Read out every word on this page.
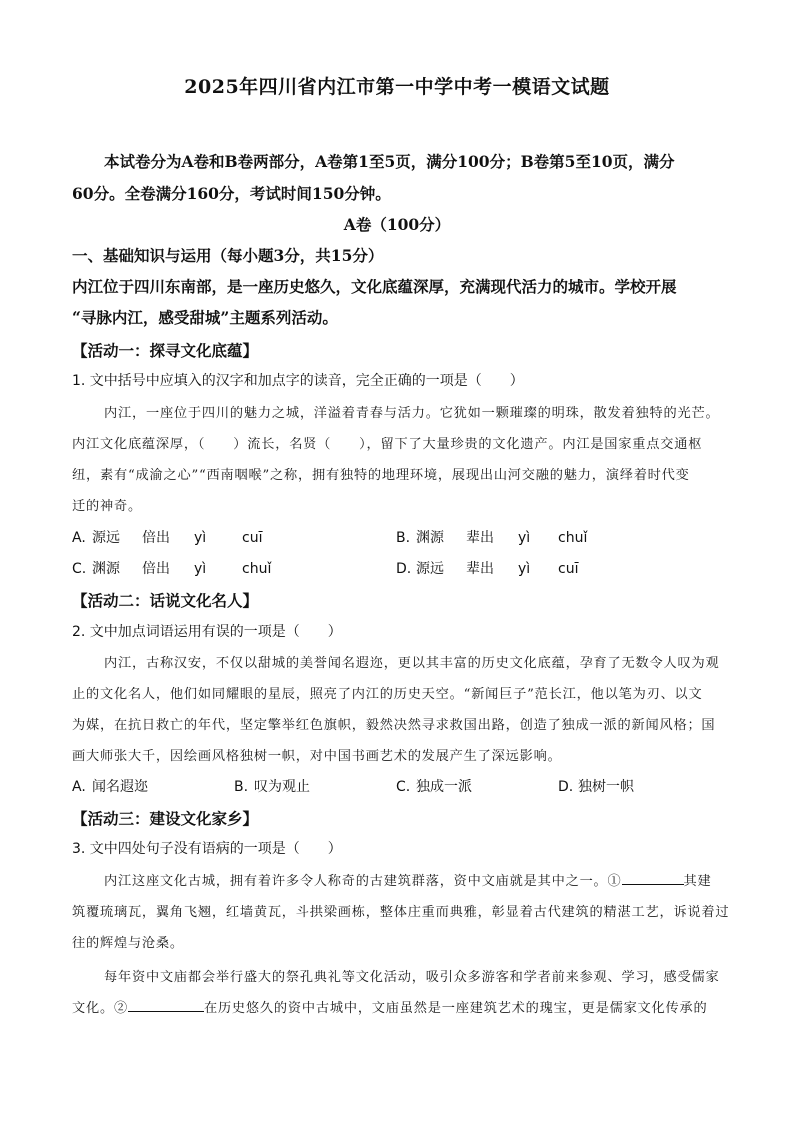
2025年四川省内江市第一中学中考一模语文试题
本试卷分为A卷和B卷两部分，A卷第1至5页，满分100分；B卷第5至10页，满分
60分。全卷满分160分，考试时间150分钟。
A卷（100分）
一、基础知识与运用（每小题3分，共15分）
内江位于四川东南部，是一座历史悠久，文化底蕴深厚，充满现代活力的城市。学校开展
“寻脉内江，感受甜城”主题系列活动。
【活动一：探寻文化底蕴】
1. 文中括号中应填入的汉字和加点字的读音，完全正确的一项是（　　）
内江，一座位于四川的魅力之城，洋溢着青春与活力。它犹如一颗璀璨的明珠，散发着独特的光芒。
内江文化底蕴深厚，（　　）流长，名贤（　　），留下了大量珍贵的文化遗产。内江是国家重点交通枢
纽，素有“成渝之心”“西南咽喉”之称，拥有独特的地理环境，展现出山河交融的魅力，演绎着时代变
迁的神奇。
A. 源远 倍出 yì	cuī	B. 渊源 辈出 yì chuǐ
C. 渊源 倍出 yì	chuǐ	D. 源远 辈出 yì cuī
【活动二：话说文化名人】
2. 文中加点词语运用有误的一项是（　　）
内江，古称汉安，不仅以甜城的美誉闻名遐迩，更以其丰富的历史文化底蕴，孕育了无数令人叹为观
止的文化名人，他们如同耀眼的星辰，照亮了内江的历史天空。“新闻巨子”范长江，他以笔为刃、以文
为媒，在抗日救亡的年代，坚定擎举红色旗帜，毅然决然寻求救国出路，创造了独成一派的新闻风格；国
画大师张大千，因绘画风格独树一帜，对中国书画艺术的发展产生了深远影响。
A. 闻名遐迩	B. 叹为观止	C. 独成一派	D. 独树一帜
【活动三：建设文化家乡】
3. 文中四处句子没有语病的一项是（　　）
内江这座文化古城，拥有着许多令人称奇的古建筑群落，资中文庙就是其中之一。①	其建
筑覆琉璃瓦，翼角飞翘，红墙黄瓦，斗拱梁画栋，整体庄重而典雅，彰显着古代建筑的精湛工艺，诉说着过
往的辉煌与沧桑。
每年资中文庙都会举行盛大的祭孔典礼等文化活动，吸引众多游客和学者前来参观、学习，感受儒家
文化。②	在历史悠久的资中古城中，文庙虽然是一座建筑艺术的瑰宝，更是儒家文化传承的
